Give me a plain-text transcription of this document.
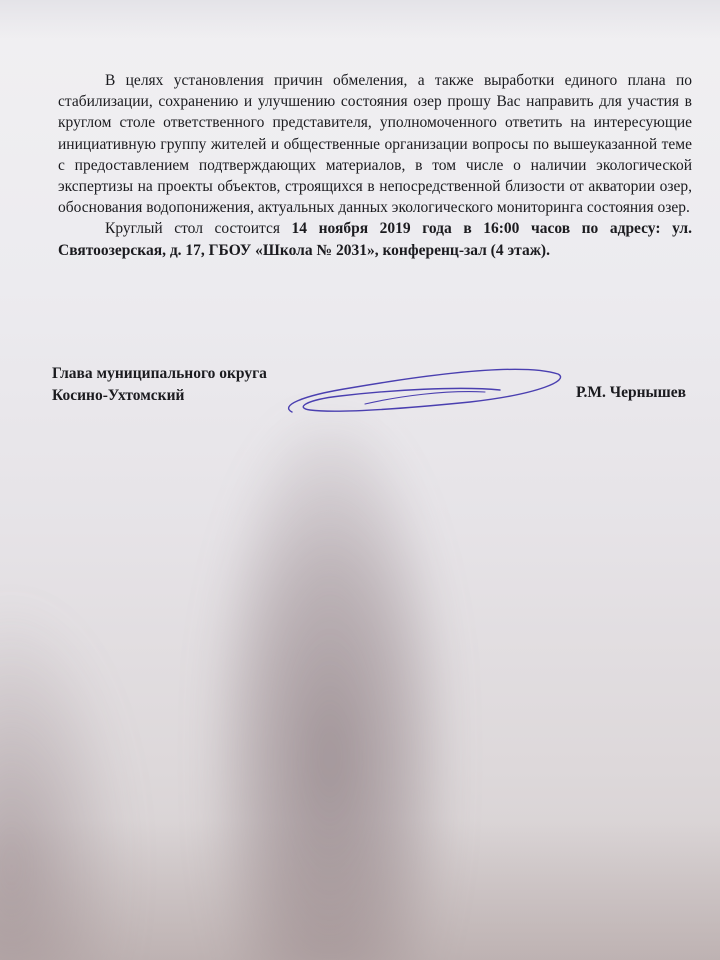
В целях установления причин обмеления, а также выработки единого плана по стабилизации, сохранению и улучшению состояния озер прошу Вас направить для участия в круглом столе ответственного представителя, уполномоченного ответить на интересующие инициативную группу жителей и общественные организации вопросы по вышеуказанной теме с предоставлением подтверждающих материалов, в том числе о наличии экологической экспертизы на проекты объектов, строящихся в непосредственной близости от акватории озер, обоснования водопонижения, актуальных данных экологического мониторинга состояния озер.

Круглый стол состоится 14 ноября 2019 года в 16:00 часов по адресу: ул. Святоозерская, д. 17, ГБОУ «Школа № 2031», конференц-зал (4 этаж).

Глава муниципального округа
Косино-Ухтомский	Р.М. Чернышев
